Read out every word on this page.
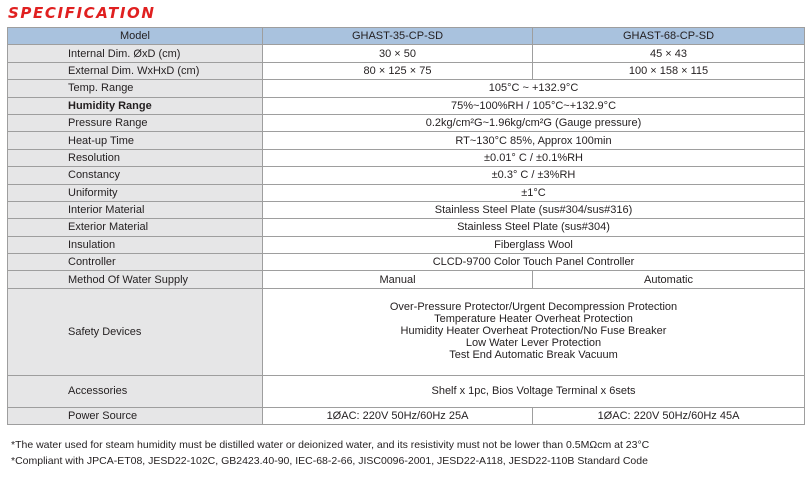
SPECIFICATION
Model	GHAST-35-CP-SD	GHAST-68-CP-SD
Internal Dim. ØxD (cm)	30 × 50	45 × 43
External Dim. WxHxD (cm)	80 × 125 × 75	100 × 158 × 115
Temp. Range	105°C ~ +132.9°C	
Humidity Range	75%~100%RH / 105°C~+132.9°C	
Pressure Range	0.2kg/cm²G~1.96kg/cm²G (Gauge pressure)	
Heat-up Time	RT~130°C 85%, Approx 100min	
Resolution	±0.01° C / ±0.1%RH	
Constancy	±0.3° C / ±3%RH	
Uniformity	±1°C	
Interior Material	Stainless Steel Plate (sus#304/sus#316)	
Exterior Material	Stainless Steel Plate (sus#304)	
Insulation	Fiberglass Wool	
Controller	CLCD-9700 Color Touch Panel Controller	
Method Of Water Supply	Manual	Automatic
Safety Devices	Over-Pressure Protector/Urgent Decompression Protection
Temperature Heater Overheat Protection
Humidity Heater Overheat Protection/No Fuse Breaker
Low Water Lever Protection
Test End Automatic Break Vacuum	

Accessories	Shelf x 1pc, Bios Voltage Terminal x 6sets	
Power Source	1ØAC: 220V 50Hz/60Hz 25A	1ØAC: 220V 50Hz/60Hz 45A
*The water used for steam humidity must be distilled water or deionized water, and its resistivity must not be lower than 0.5MΩcm at 23°C
*Compliant with JPCA-ET08, JESD22-102C, GB2423.40-90, IEC-68-2-66, JISC0096-2001, JESD22-A118, JESD22-110B Standard Code
